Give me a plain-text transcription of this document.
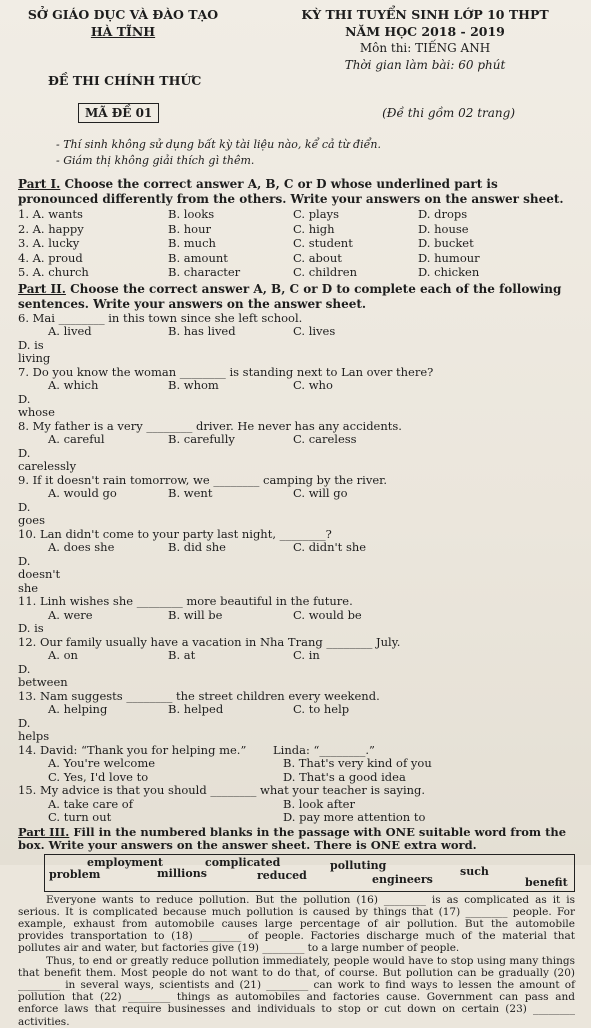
SỞ GIÁO DỤC VÀ ĐÀO TẠO
HÀ TĨNH
KỲ THI TUYỂN SINH LỚP 10 THPT
NĂM HỌC 2018 - 2019
Môn thi: TIẾNG ANH
Thời gian làm bài: 60 phút
ĐỀ THI CHÍNH THỨC
MÃ ĐỀ 01	(Đề thi gồm 02 trang)
- Thí sinh không sử dụng bất kỳ tài liệu nào, kể cả từ điển.
- Giám thị không giải thích gì thêm.
Part I. Choose the correct answer A, B, C or D whose underlined part is pronounced differently from the others. Write your answers on the answer sheet.
1. A. wants	B. looks	C. plays	D. drops
2. A. happy	B. hour	C. high	D. house
3. A. lucky	B. much	C. student	D. bucket
4. A. proud	B. amount	C. about	D. humour
5. A. church	B. character	C. children	D. chicken
Part II. Choose the correct answer A, B, C or D to complete each of the following sentences. Write your answers on the answer sheet.
6. Mai ________ in this town since she left school.
A. lived	B. has lived	C. lives
D. is living
7. Do you know the woman ________ is standing next to Lan over there?
A. which	B. whom	C. who
D. whose
8. My father is a very ________ driver. He never has any accidents.
A. careful	B. carefully	C. careless
D. carelessly
9. If it doesn't rain tomorrow, we ________ camping by the river.
A. would go	B. went	C. will go
D. goes
10. Lan didn't come to your party last night, ________?
A. does she	B. did she	C. didn't she
D. doesn't she
11. Linh wishes she ________ more beautiful in the future.
A. were	B. will be	C. would be
D. is
12. Our family usually have a vacation in Nha Trang ________ July.
A. on	B. at	C. in
D. between
13. Nam suggests ________ the street children every weekend.
A. helping	B. helped	C. to help
D. helps
14. David: “Thank you for helping me.”	Linda: “________.”
A. You're welcome	B. That's very kind of you
C. Yes, I'd love to	D. That's a good idea
15. My advice is that you should ________ what your teacher is saying.
A. take care of	B. look after
C. turn out	D. pay more attention to
Part III. Fill in the numbered blanks in the passage with ONE suitable word from the box. Write your answers on the answer sheet. There is ONE extra word.
employment	complicated	polluting
problem	millions	reduced	engineers
such
benefit
Everyone wants to reduce pollution. But the pollution (16) ________ is as complicated as it is serious. It is complicated because much pollution is caused by things that (17) ________ people. For example, exhaust from automobile causes large percentage of air pollution. But the automobile provides transportation to (18) ________ of people. Factories discharge much of the material that pollutes air and water, but factories give (19) ________ to a large number of people.
Thus, to end or greatly reduce pollution immediately, people would have to stop using many things that benefit them. Most people do not want to do that, of course. But pollution can be gradually (20) ________ in several ways, scientists and (21) ________ can work to find ways to lessen the amount of pollution that (22) ________ things as automobiles and factories cause. Government can pass and enforce laws that require businesses and individuals to stop or cut down on certain (23) ________ activities.
